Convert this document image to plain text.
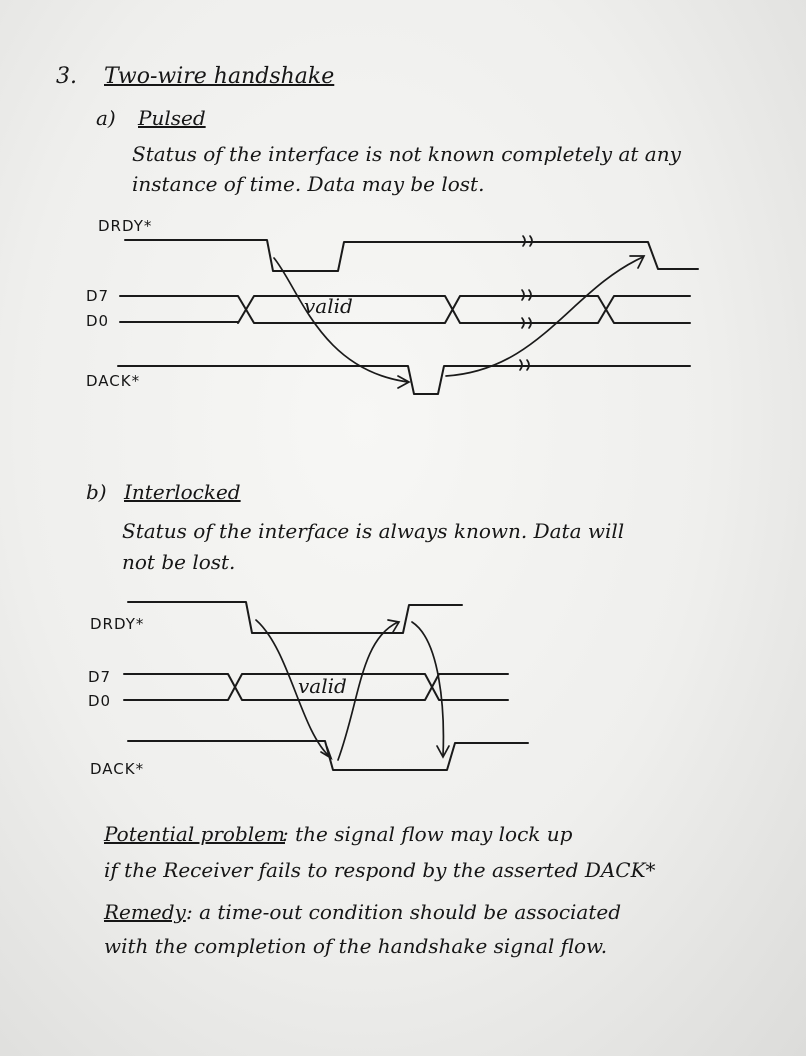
3. Two-wire handshake
a) Pulsed
Status of the interface is not known completely at any
instance of time. Data may be lost.
DRDY*
D7
D0
DACK*
valid
b) Interlocked
Status of the interface is always known. Data will
not be lost.
DRDY*
D7
D0
DACK*
valid
Potential problem
: the signal flow may lock up
if the Receiver fails to respond by the asserted DACK*
Remedy : a time-out condition should be associated
with the completion of the handshake signal flow.
